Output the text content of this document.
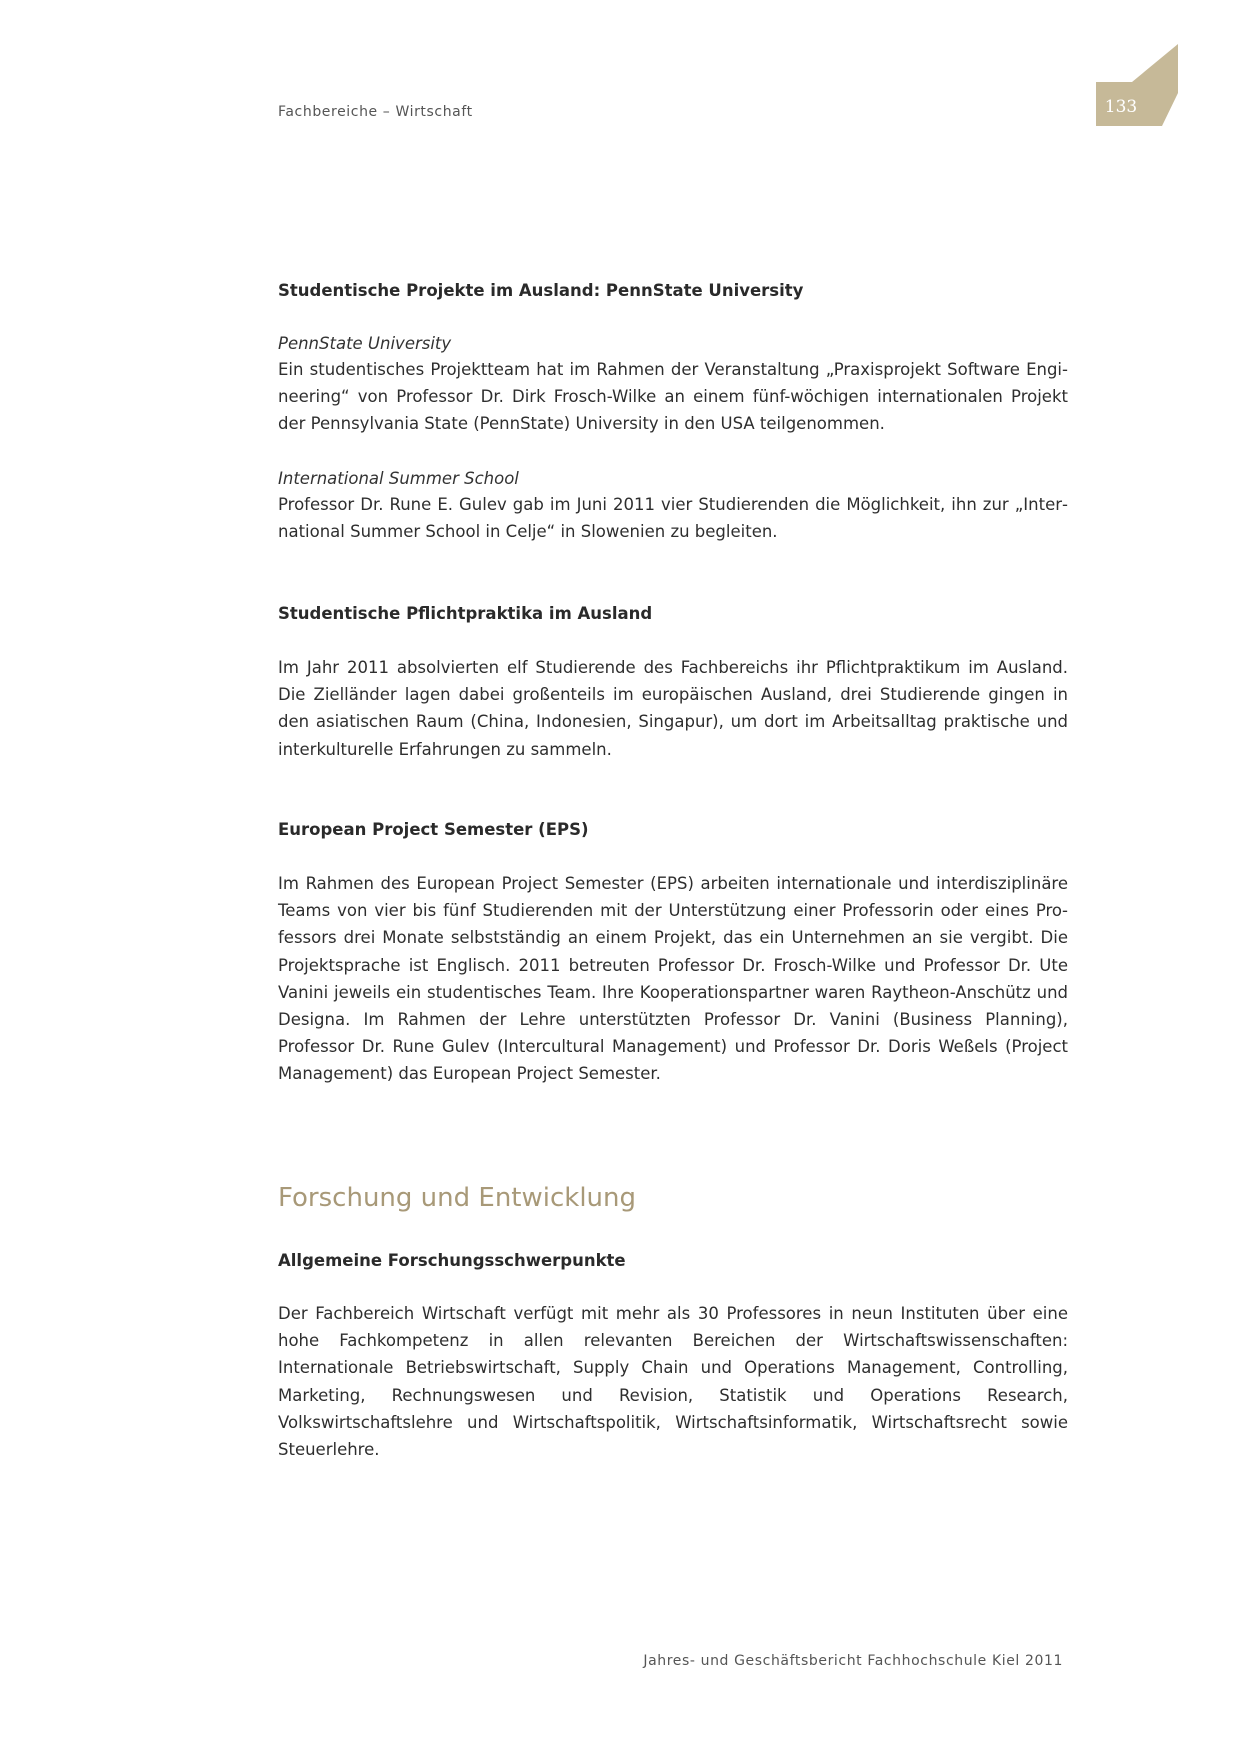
Fachbereiche – Wirtschaft	133
Studentische Projekte im Ausland: PennState University
PennState University
Ein studentisches Projektteam hat im Rahmen der Veranstaltung „Praxisprojekt Software Engineering“ von Professor Dr. Dirk Frosch-Wilke an einem fünf-wöchigen internationalen Projekt der Pennsylvania State (PennState) University in den USA teilgenommen.
International Summer School
Professor Dr. Rune E. Gulev gab im Juni 2011 vier Studierenden die Möglichkeit, ihn zur „International Summer School in Celje“ in Slowenien zu begleiten.
Studentische Pflichtpraktika im Ausland
Im Jahr 2011 absolvierten elf Studierende des Fachbereichs ihr Pflichtpraktikum im Ausland. Die Zielländer lagen dabei großenteils im europäischen Ausland, drei Studierende gingen in den asiatischen Raum (China, Indonesien, Singapur), um dort im Arbeitsalltag praktische und interkulturelle Erfahrungen zu sammeln.
European Project Semester (EPS)
Im Rahmen des European Project Semester (EPS) arbeiten internationale und interdisziplinäre Teams von vier bis fünf Studierenden mit der Unterstützung einer Professorin oder eines Professors drei Monate selbstständig an einem Projekt, das ein Unternehmen an sie vergibt. Die Projektsprache ist Englisch. 2011 betreuten Professor Dr. Frosch-Wilke und Professor Dr. Ute Vanini jeweils ein studentisches Team. Ihre Kooperationspartner waren Raytheon-Anschütz und Designa. Im Rahmen der Lehre unterstützten Professor Dr. Vanini (Business Planning), Professor Dr. Rune Gulev (Intercultural Management) und Professor Dr. Doris Weßels (Project Management) das European Project Semester.
Forschung und Entwicklung
Allgemeine Forschungsschwerpunkte
Der Fachbereich Wirtschaft verfügt mit mehr als 30 Professores in neun Instituten über eine hohe Fachkompetenz in allen relevanten Bereichen der Wirtschaftswissenschaften: Internationale Betriebswirtschaft, Supply Chain und Operations Management, Controlling, Marketing, Rechnungswesen und Revision, Statistik und Operations Research, Volkswirtschaftslehre und Wirtschaftspolitik, Wirtschaftsinformatik, Wirtschaftsrecht sowie Steuerlehre.
Jahres- und Geschäftsbericht Fachhochschule Kiel 2011
